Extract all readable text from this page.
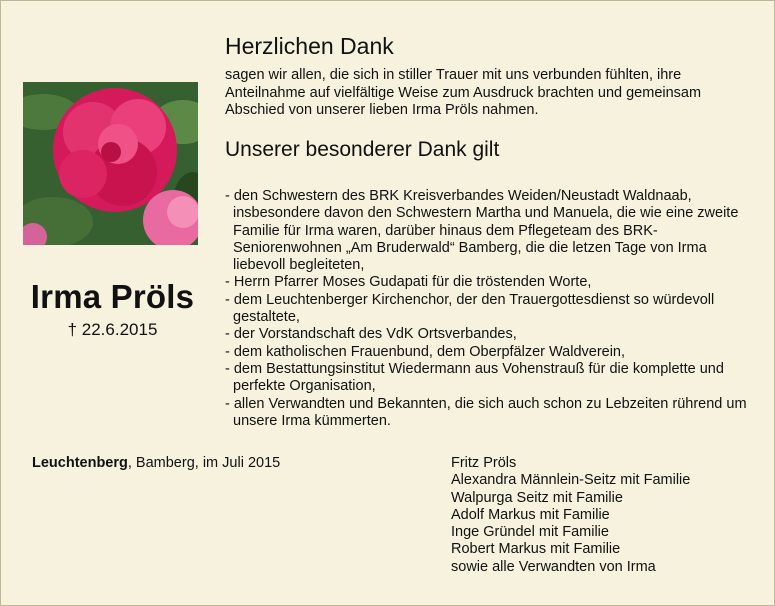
Irma Pröls
† 22.6.2015
Herzlichen Dank
sagen wir allen, die sich in stiller Trauer mit uns verbunden fühlten, ihre Anteilnahme auf vielfältige Weise zum Ausdruck brachten und gemeinsam Abschied von unserer lieben Irma Pröls nahmen.
Unserer besonderer Dank gilt
- den Schwestern des BRK Kreisverbandes Weiden/Neustadt Waldnaab, insbesondere davon den Schwestern Martha und Manuela, die wie eine zweite Familie für Irma waren, darüber hinaus dem Pflegeteam des BRK-Seniorenwohnen „Am Bruderwald“ Bamberg, die die letzen Tage von Irma liebevoll begleiteten,
- Herrn Pfarrer Moses Gudapati für die tröstenden Worte,
- dem Leuchtenberger Kirchenchor, der den Trauergottesdienst so würdevoll gestaltete,
- der Vorstandschaft des VdK Ortsverbandes,
- dem katholischen Frauenbund, dem Oberpfälzer Waldverein,
- dem Bestattungsinstitut Wiedermann aus Vohenstrauß für die komplette und perfekte Organisation,
- allen Verwandten und Bekannten, die sich auch schon zu Lebzeiten rührend um unsere Irma kümmerten.
Leuchtenberg, Bamberg, im Juli 2015	Fritz Pröls
Alexandra Männlein-Seitz mit Familie
Walpurga Seitz mit Familie
Adolf Markus mit Familie
Inge Gründel mit Familie
Robert Markus mit Familie
sowie alle Verwandten von Irma
